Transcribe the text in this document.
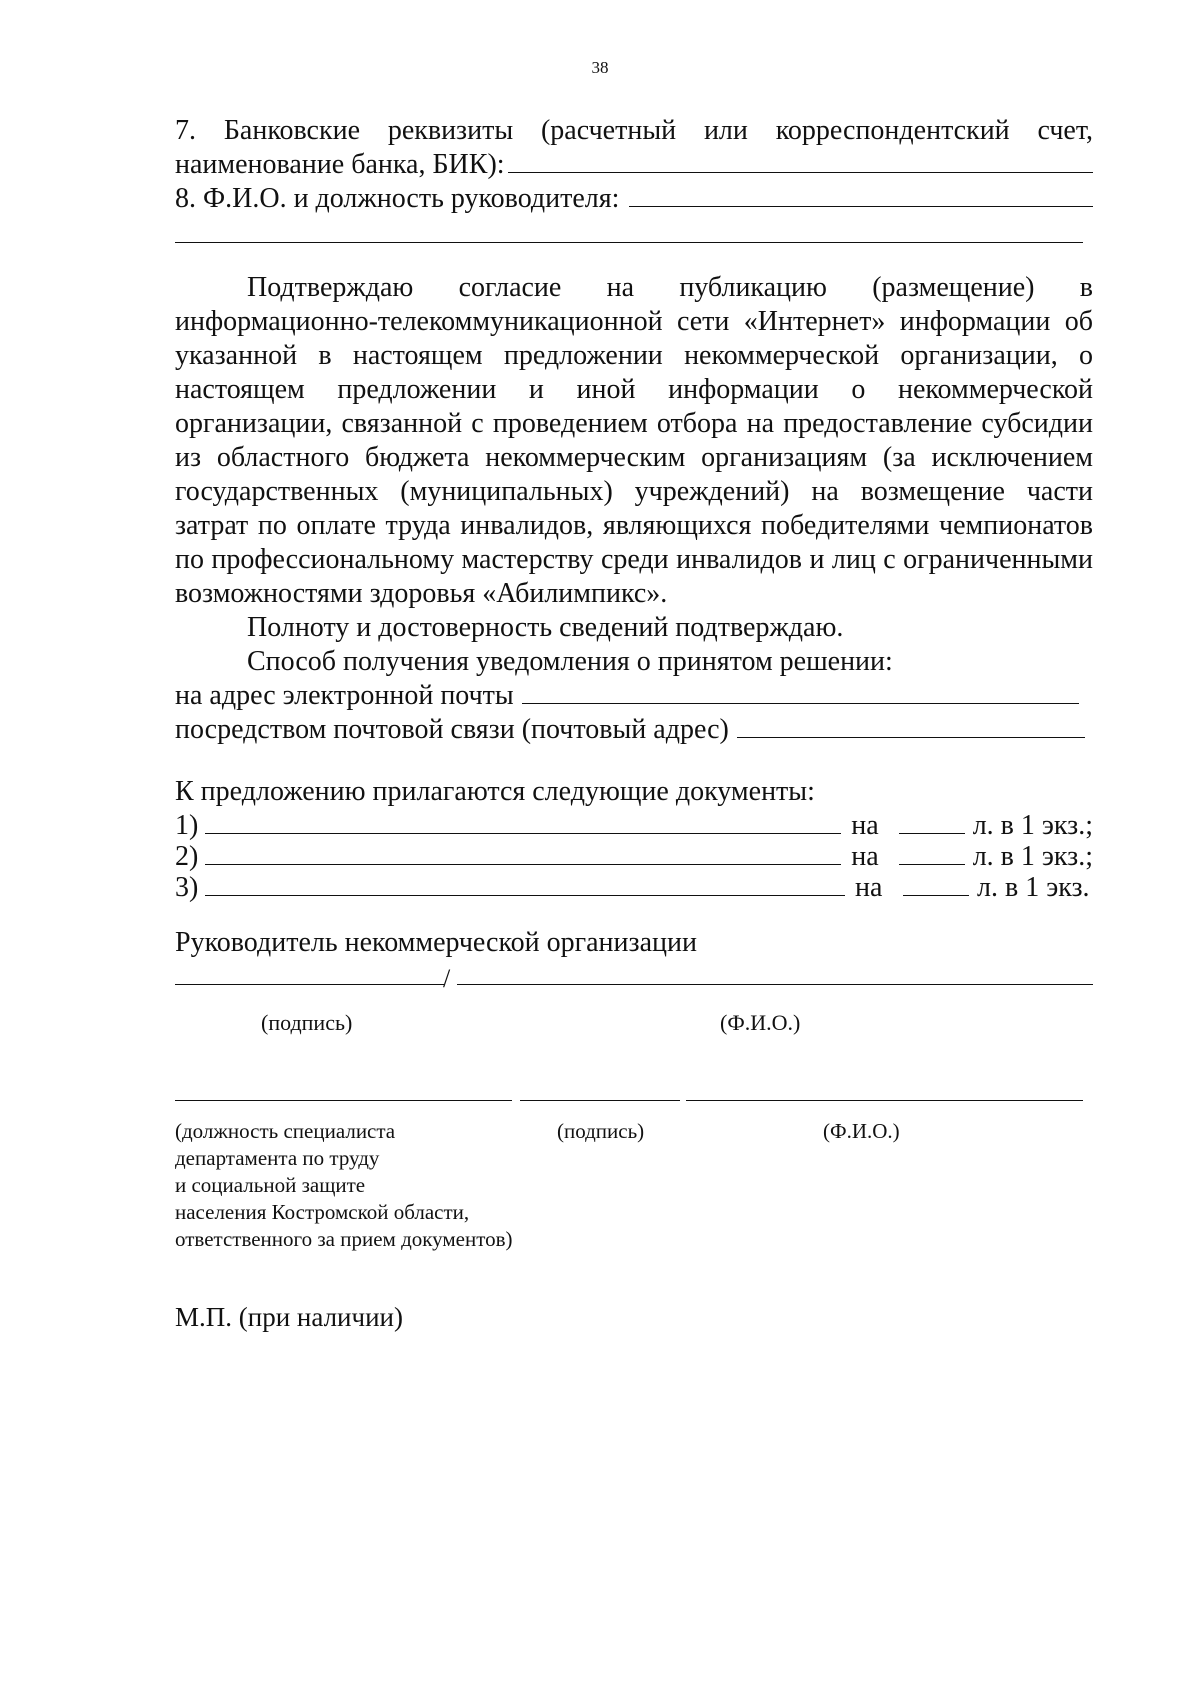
38
7. Банковские реквизиты (расчетный или корреспондентский счет,
наименование банка, БИК):
8. Ф.И.О. и должность руководителя:
Подтверждаю согласие на публикацию (размещение) в информационно-телекоммуникационной сети «Интернет» информации об указанной в настоящем предложении некоммерческой организации, о настоящем предложении и иной информации о некоммерческой организации, связанной с проведением отбора на предоставление субсидии из областного бюджета некоммерческим организациям (за исключением государственных (муниципальных) учреждений) на возмещение части затрат по оплате труда инвалидов, являющихся победителями чемпионатов по профессиональному мастерству среди инвалидов и лиц с ограниченными возможностями здоровья «Абилимпикс».
Полноту и достоверность сведений подтверждаю.
Способ получения уведомления о принятом решении:
на адрес электронной почты
посредством почтовой связи (почтовый адрес)
К предложению прилагаются следующие документы:
1)	на	л. в 1 экз.;
2)	на	л. в 1 экз.;
3)	на	л. в 1 экз.
Руководитель некоммерческой организации
/
(подпись)	(Ф.И.О.)
(должность специалиста
департамента по труду
и социальной защите
населения Костромской области,
ответственного за прием документов)
(подпись)	(Ф.И.О.)
М.П. (при наличии)
